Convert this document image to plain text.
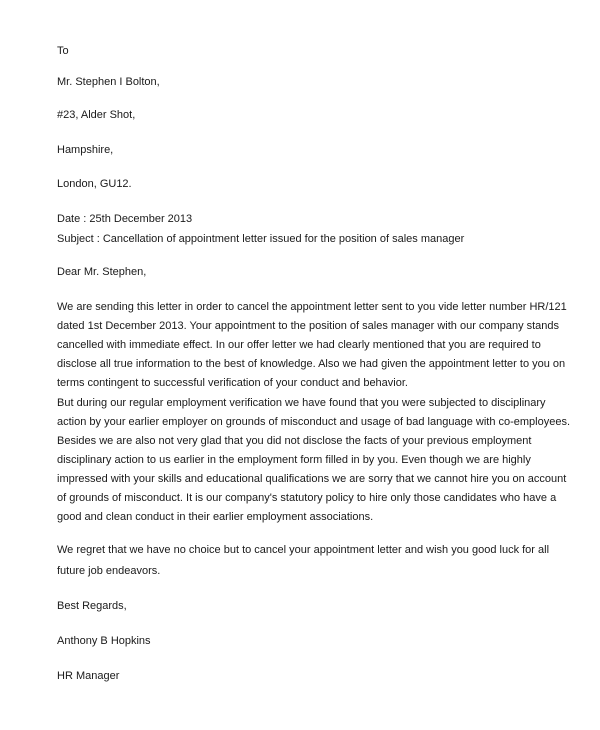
To
Mr. Stephen I Bolton,
#23, Alder Shot,
Hampshire,
London, GU12.
Date : 25th December 2013
Subject : Cancellation of appointment letter issued for the position of sales manager
Dear Mr. Stephen,
We are sending this letter in order to cancel the appointment letter sent to you vide letter number HR/121
dated 1st December 2013. Your appointment to the position of sales manager with our company stands
cancelled with immediate effect. In our offer letter we had clearly mentioned that you are required to
disclose all true information to the best of knowledge. Also we had given the appointment letter to you on
terms contingent to successful verification of your conduct and behavior.
But during our regular employment verification we have found that you were subjected to disciplinary
action by your earlier employer on grounds of misconduct and usage of bad language with co-employees.
Besides we are also not very glad that you did not disclose the facts of your previous employment
disciplinary action to us earlier in the employment form filled in by you. Even though we are highly
impressed with your skills and educational qualifications we are sorry that we cannot hire you on account
of grounds of misconduct. It is our company's statutory policy to hire only those candidates who have a
good and clean conduct in their earlier employment associations.
We regret that we have no choice but to cancel your appointment letter and wish you good luck for all
future job endeavors.
Best Regards,
Anthony B Hopkins
HR Manager
